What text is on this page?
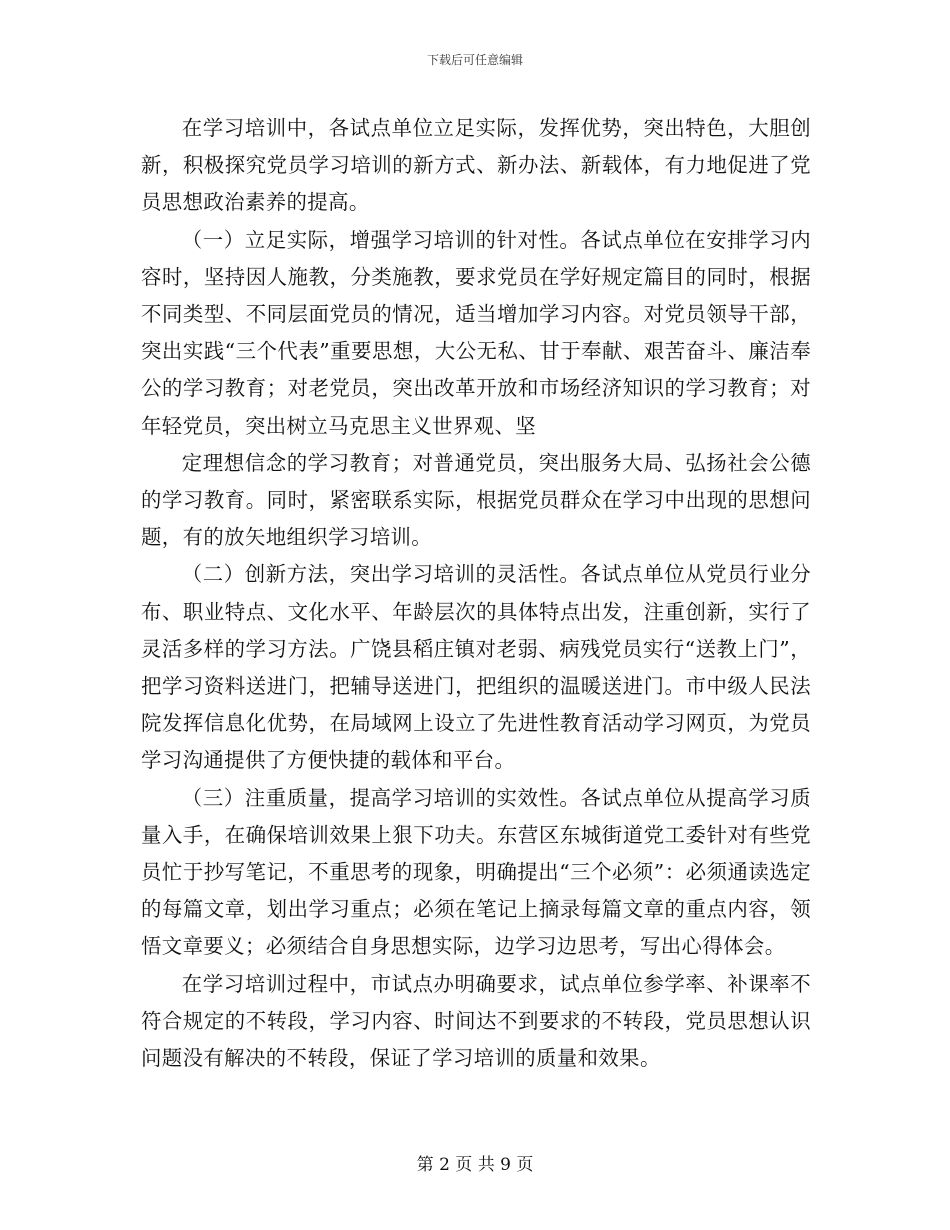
下载后可任意编辑

在学习培训中，各试点单位立足实际，发挥优势，突出特色，大胆创新，积极探究党员学习培训的新方式、新办法、新载体，有力地促进了党员思想政治素养的提高。

（一）立足实际，增强学习培训的针对性。各试点单位在安排学习内容时，坚持因人施教，分类施教，要求党员在学好规定篇目的同时，根据不同类型、不同层面党员的情况，适当增加学习内容。对党员领导干部，突出实践“三个代表”重要思想，大公无私、甘于奉献、艰苦奋斗、廉洁奉公的学习教育；对老党员，突出改革开放和市场经济知识的学习教育；对年轻党员，突出树立马克思主义世界观、坚

定理想信念的学习教育；对普通党员，突出服务大局、弘扬社会公德的学习教育。同时，紧密联系实际，根据党员群众在学习中出现的思想问题，有的放矢地组织学习培训。

（二）创新方法，突出学习培训的灵活性。各试点单位从党员行业分布、职业特点、文化水平、年龄层次的具体特点出发，注重创新，实行了灵活多样的学习方法。广饶县稻庄镇对老弱、病残党员实行“送教上门”，把学习资料送进门，把辅导送进门，把组织的温暖送进门。市中级人民法院发挥信息化优势，在局域网上设立了先进性教育活动学习网页，为党员学习沟通提供了方便快捷的载体和平台。

（三）注重质量，提高学习培训的实效性。各试点单位从提高学习质量入手，在确保培训效果上狠下功夫。东营区东城街道党工委针对有些党员忙于抄写笔记，不重思考的现象，明确提出“三个必须”：必须通读选定的每篇文章，划出学习重点；必须在笔记上摘录每篇文章的重点内容，领悟文章要义；必须结合自身思想实际，边学习边思考，写出心得体会。

在学习培训过程中，市试点办明确要求，试点单位参学率、补课率不符合规定的不转段，学习内容、时间达不到要求的不转段，党员思想认识问题没有解决的不转段，保证了学习培训的质量和效果。

第 2 页 共 9 页
